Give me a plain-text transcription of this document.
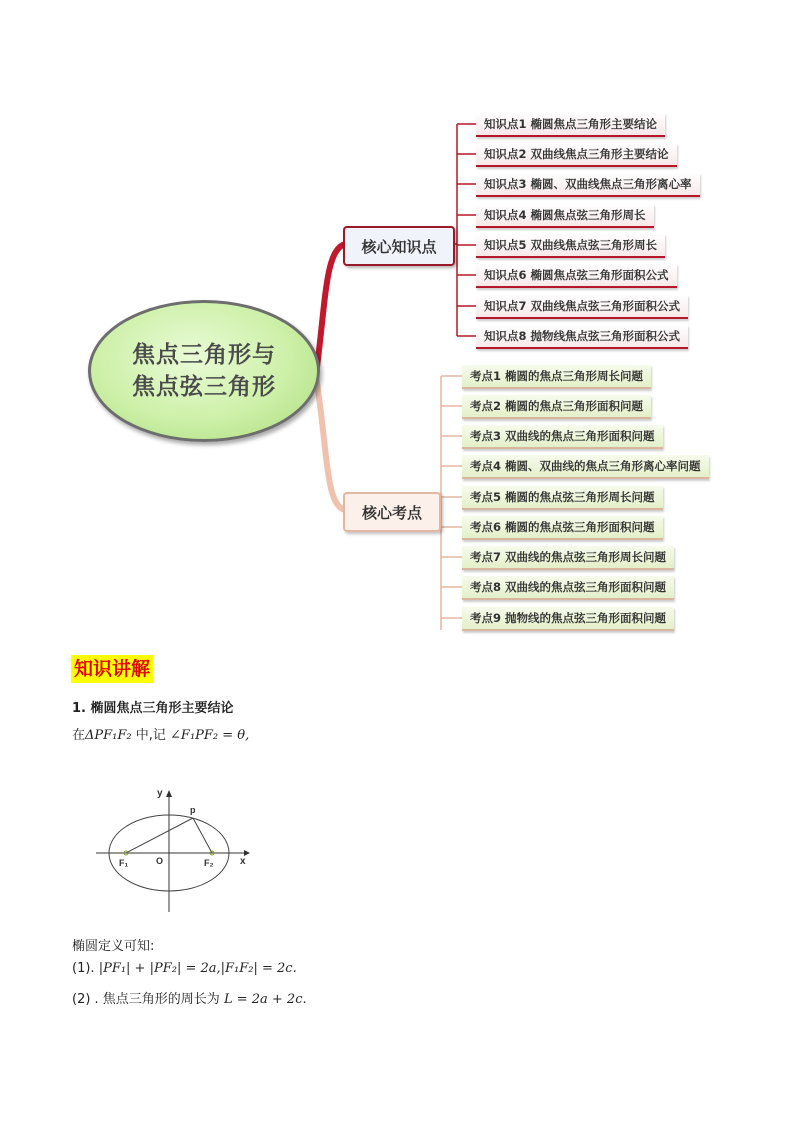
焦点三角形与
焦点弦三角形
核心知识点
核心考点
知识点1 椭圆焦点三角形主要结论
知识点2 双曲线焦点三角形主要结论
知识点3 椭圆、双曲线焦点三角形离心率
知识点4 椭圆焦点弦三角形周长
知识点5 双曲线焦点弦三角形周长
知识点6 椭圆焦点弦三角形面积公式
知识点7 双曲线焦点弦三角形面积公式
知识点8 抛物线焦点弦三角形面积公式
考点1 椭圆的焦点三角形周长问题
考点2 椭圆的焦点三角形面积问题
考点3 双曲线的焦点三角形面积问题
考点4 椭圆、双曲线的焦点三角形离心率问题
考点5 椭圆的焦点弦三角形周长问题
考点6 椭圆的焦点弦三角形面积问题
考点7 双曲线的焦点弦三角形周长问题
考点8 双曲线的焦点弦三角形面积问题
考点9 抛物线的焦点弦三角形面积问题
知识讲解
1. 椭圆焦点三角形主要结论
在ΔPF₁F₂ 中,记 ∠F₁PF₂ = θ,
y
x
p
O
F₁	F₂
椭圆定义可知:
(1). |PF₁| + |PF₂| = 2a,|F₁F₂| = 2c.
(2) . 焦点三角形的周长为 L = 2a + 2c.
